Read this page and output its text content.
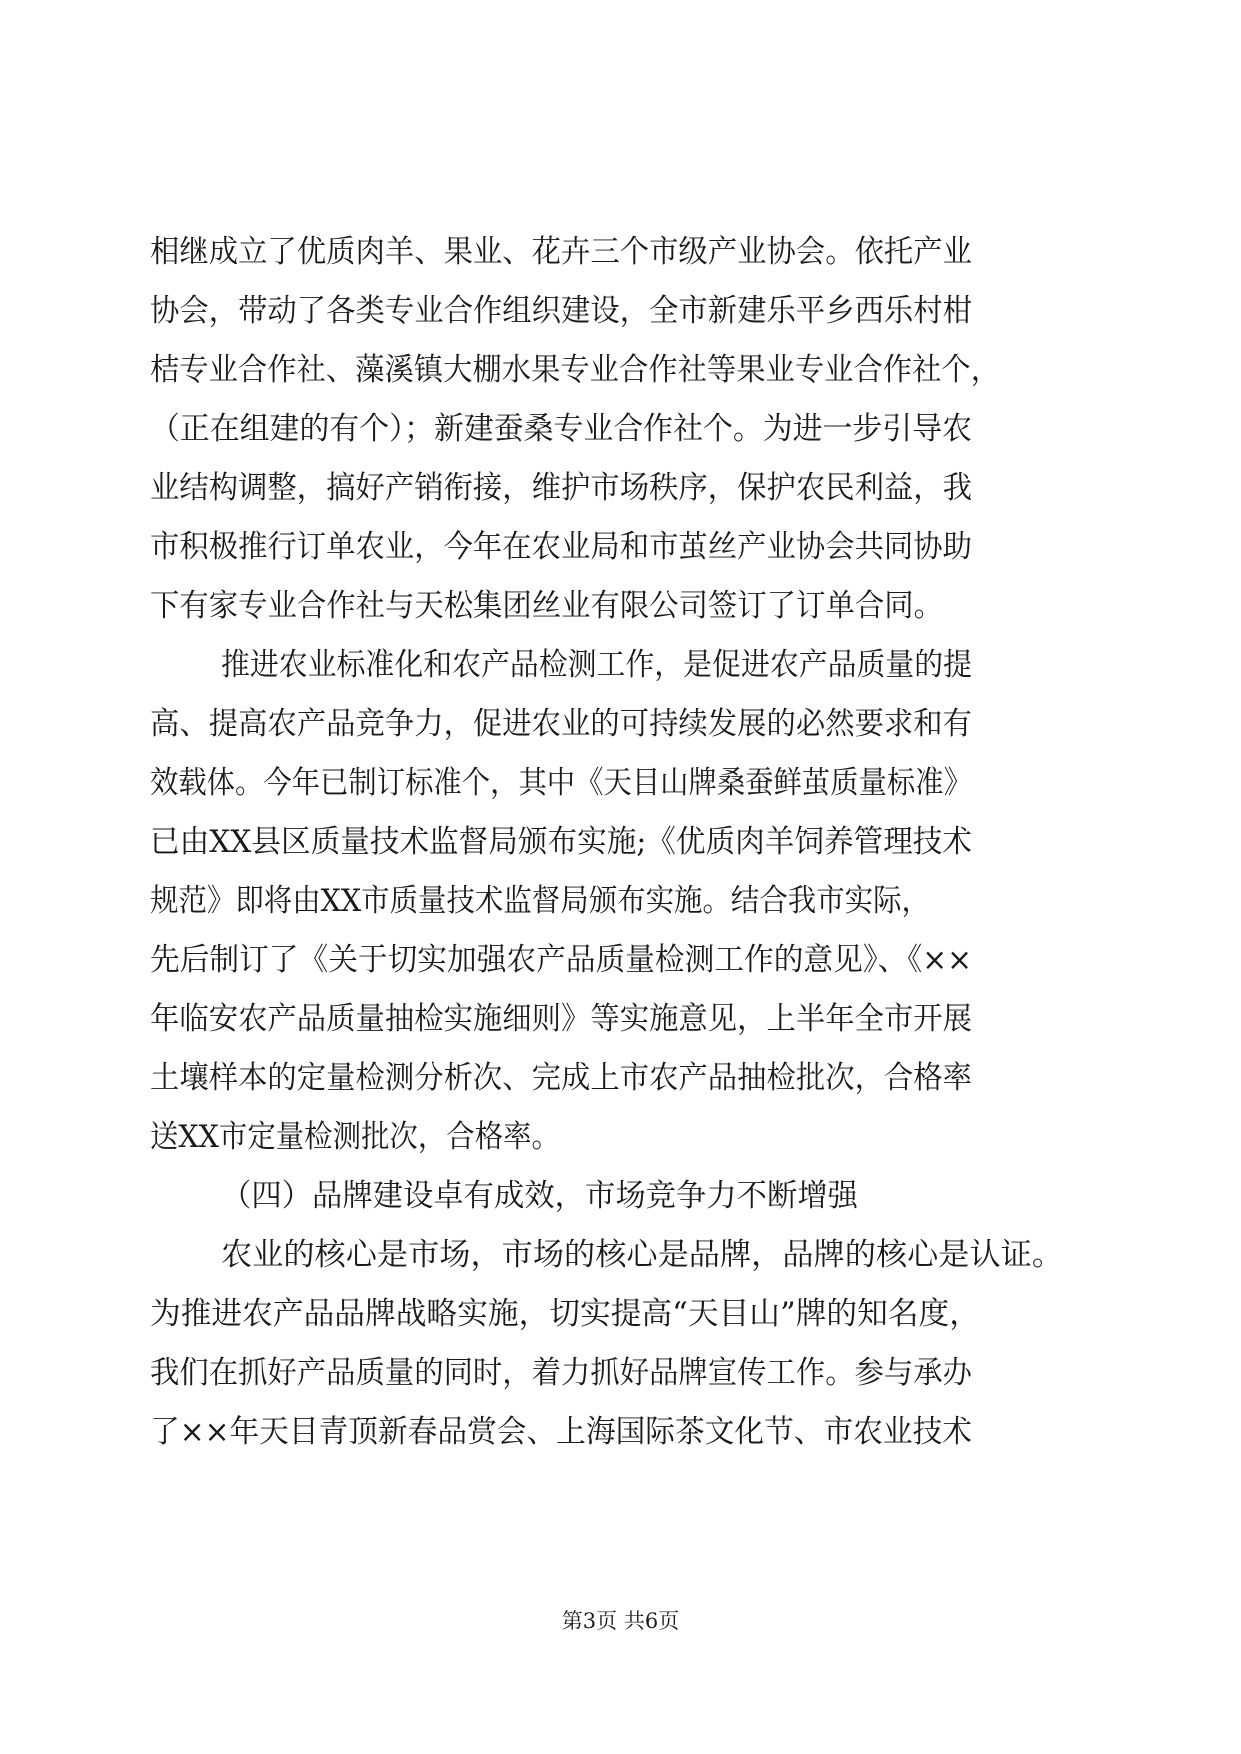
相继成立了优质肉羊、果业、花卉三个市级产业协会。依托产业
协会，带动了各类专业合作组织建设，全市新建乐平乡西乐村柑
桔专业合作社、藻溪镇大棚水果专业合作社等果业专业合作社个，
（正在组建的有个）；新建蚕桑专业合作社个。为进一步引导农
业结构调整，搞好产销衔接，维护市场秩序，保护农民利益，我
市积极推行订单农业，今年在农业局和市茧丝产业协会共同协助
下有家专业合作社与天松集团丝业有限公司签订了订单合同。
推进农业标准化和农产品检测工作，是促进农产品质量的提
高、提高农产品竞争力，促进农业的可持续发展的必然要求和有
效载体。今年已制订标准个，其中《天目山牌桑蚕鲜茧质量标准》
已由XX县区质量技术监督局颁布实施;《优质肉羊饲养管理技术
规范》即将由XX市质量技术监督局颁布实施。结合我市实际，
先后制订了《关于切实加强农产品质量检测工作的意见》、《××
年临安农产品质量抽检实施细则》等实施意见，上半年全市开展
土壤样本的定量检测分析次、完成上市农产品抽检批次，合格率
送XX市定量检测批次，合格率。
（四）品牌建设卓有成效，市场竞争力不断增强
农业的核心是市场，市场的核心是品牌，品牌的核心是认证。
为推进农产品品牌战略实施，切实提高“天目山”牌的知名度，
我们在抓好产品质量的同时，着力抓好品牌宣传工作。参与承办
了××年天目青顶新春品赏会、上海国际茶文化节、市农业技术
第3页 共6页
